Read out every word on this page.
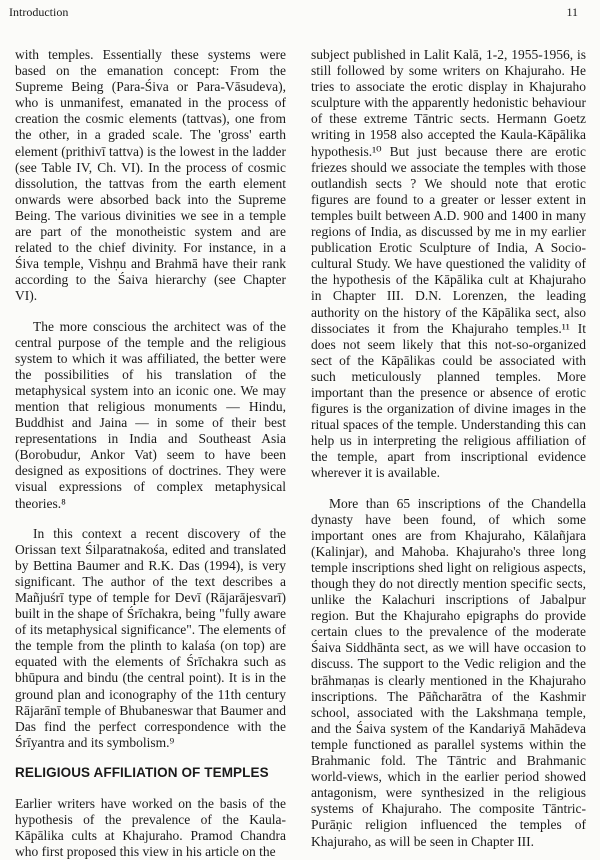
Introduction	11

with temples. Essentially these systems were based on the emanation concept: From the Supreme Being (Para-Śiva or Para-Vāsudeva), who is unmanifest, emanated in the process of creation the cosmic elements (tattvas), one from the other, in a graded scale. The 'gross' earth element (prithivī tattva) is the lowest in the ladder (see Table IV, Ch. VI). In the process of cosmic dissolution, the tattvas from the earth element onwards were absorbed back into the Supreme Being. The various divinities we see in a temple are part of the monotheistic system and are related to the chief divinity. For instance, in a Śiva temple, Vishṇu and Brahmā have their rank according to the Śaiva hierarchy (see Chapter VI).

The more conscious the architect was of the central purpose of the temple and the religious system to which it was affiliated, the better were the possibilities of his translation of the metaphysical system into an iconic one. We may mention that religious monuments — Hindu, Buddhist and Jaina — in some of their best representations in India and Southeast Asia (Borobudur, Ankor Vat) seem to have been designed as expositions of doctrines. They were visual expressions of complex metaphysical theories.⁸

In this context a recent discovery of the Orissan text Śilparatnakośa, edited and translated by Bettina Baumer and R.K. Das (1994), is very significant. The author of the text describes a Mañjuśrī type of temple for Devī (Rājarājesvarī) built in the shape of Śrīchakra, being "fully aware of its metaphysical significance". The elements of the temple from the plinth to kalaśa (on top) are equated with the elements of Śrīchakra such as bhūpura and bindu (the central point). It is in the ground plan and iconography of the 11th century Rājarānī temple of Bhubaneswar that Baumer and Das find the perfect correspondence with the Śrīyantra and its symbolism.⁹

RELIGIOUS AFFILIATION OF TEMPLES

Earlier writers have worked on the basis of the hypothesis of the prevalence of the Kaula-Kāpālika cults at Khajuraho. Pramod Chandra who first proposed this view in his article on the

subject published in Lalit Kalā, 1-2, 1955-1956, is still followed by some writers on Khajuraho. He tries to associate the erotic display in Khajuraho sculpture with the apparently hedonistic behaviour of these extreme Tāntric sects. Hermann Goetz writing in 1958 also accepted the Kaula-Kāpālika hypothesis.¹⁰ But just because there are erotic friezes should we associate the temples with those outlandish sects ? We should note that erotic figures are found to a greater or lesser extent in temples built between A.D. 900 and 1400 in many regions of India, as discussed by me in my earlier publication Erotic Sculpture of India, A Socio-cultural Study. We have questioned the validity of the hypothesis of the Kāpālika cult at Khajuraho in Chapter III. D.N. Lorenzen, the leading authority on the history of the Kāpālika sect, also dissociates it from the Khajuraho temples.¹¹ It does not seem likely that this not-so-organized sect of the Kāpālikas could be associated with such meticulously planned temples. More important than the presence or absence of erotic figures is the organization of divine images in the ritual spaces of the temple. Understanding this can help us in interpreting the religious affiliation of the temple, apart from inscriptional evidence wherever it is available.

More than 65 inscriptions of the Chandella dynasty have been found, of which some important ones are from Khajuraho, Kālañjara (Kalinjar), and Mahoba. Khajuraho's three long temple inscriptions shed light on religious aspects, though they do not directly mention specific sects, unlike the Kalachuri inscriptions of Jabalpur region. But the Khajuraho epigraphs do provide certain clues to the prevalence of the moderate Śaiva Siddhānta sect, as we will have occasion to discuss. The support to the Vedic religion and the brāhmaṇas is clearly mentioned in the Khajuraho inscriptions. The Pāñcharātra of the Kashmir school, associated with the Lakshmaṇa temple, and the Śaiva system of the Kandariyā Mahādeva temple functioned as parallel systems within the Brahmanic fold. The Tāntric and Brahmanic world-views, which in the earlier period showed antagonism, were synthesized in the religious systems of Khajuraho. The composite Tāntric-Purāṇic religion influenced the temples of Khajuraho, as will be seen in Chapter III.
